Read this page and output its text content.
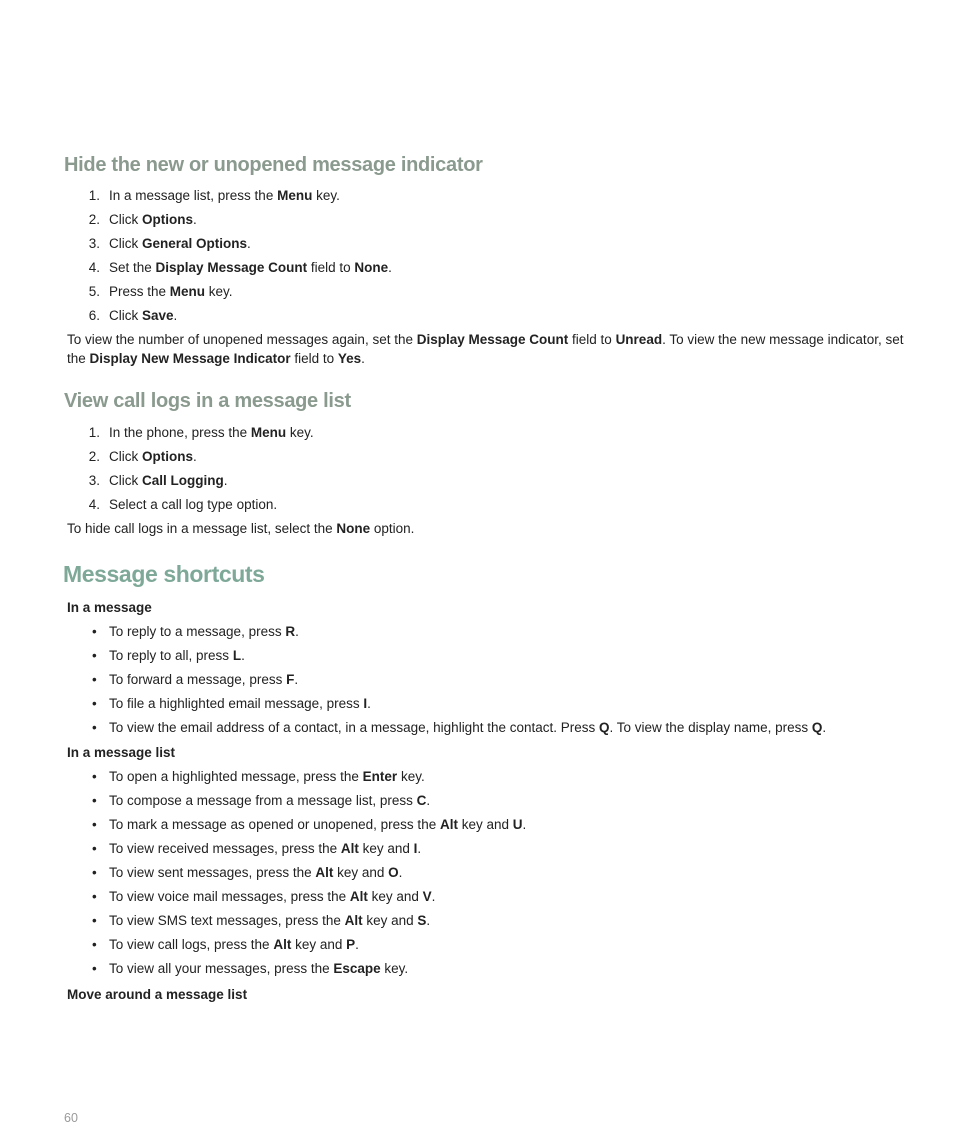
Hide the new or unopened message indicator
1. In a message list, press the Menu key.
2. Click Options.
3. Click General Options.
4. Set the Display Message Count field to None.
5. Press the Menu key.
6. Click Save.

To view the number of unopened messages again, set the Display Message Count field to Unread. To view the new message indicator, set the Display New Message Indicator field to Yes.

View call logs in a message list
1. In the phone, press the Menu key.
2. Click Options.
3. Click Call Logging.
4. Select a call log type option.

To hide call logs in a message list, select the None option.

Message shortcuts

In a message

• To reply to a message, press R.
• To reply to all, press L.
• To forward a message, press F.
• To file a highlighted email message, press I.
• To view the email address of a contact, in a message, highlight the contact. Press Q. To view the display name, press Q.

In a message list

• To open a highlighted message, press the Enter key.
• To compose a message from a message list, press C.
• To mark a message as opened or unopened, press the Alt key and U.
• To view received messages, press the Alt key and I.
• To view sent messages, press the Alt key and O.
• To view voice mail messages, press the Alt key and V.
• To view SMS text messages, press the Alt key and S.
• To view call logs, press the Alt key and P.
• To view all your messages, press the Escape key.

Move around a message list

60
